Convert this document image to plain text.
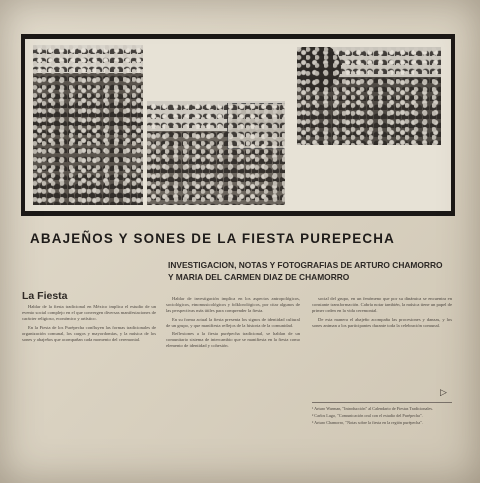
ABAJEÑOS Y SONES DE LA FIESTA PUREPECHA
INVESTIGACION, NOTAS Y FOTOGRAFIAS DE ARTURO CHAMORRO
Y MARIA DEL CARMEN DIAZ DE CHAMORRO
La Fiesta

Hablar de la fiesta tradicional en México implica el estudio de un evento social complejo en el que convergen diversas manifestaciones de carácter religioso, económico y artístico.

En la Fiesta de los Purépecha confluyen las formas tradicionales de organización comunal, los cargos y mayordomías, y la música de los sones y abajeños que acompañan cada momento del ceremonial.

Hablar de investigación implica en los aspectos antropológicos, sociológicos, etnomusicológicos y folklorológicos, por citar algunos de las perspectivas más útiles para comprender la fiesta.

En su forma actual la fiesta presenta los signos de identidad cultural de un grupo, y que manifiesta reflejos de la historia de la comunidad.

Reflexiones a la fiesta purépecha tradicional, se hablan de un comunitario sistema de intercambio que se manifiesta en la fiesta como elemento de identidad y cohesión.

social del grupo, en un fenómeno que por su dinámica se encuentra en constante transformación. Cabría notar también, la música tiene un papel de primer orden en la vida ceremonial.

De esta manera el abajeño acompaña las procesiones y danzas, y los sones animan a los participantes durante toda la celebración comunal.

▷

¹ Arturo Warman, "Introducción" al Calendario de Fiestas Tradicionales.

² Carlos Lugo, "Comunicación oral con el estudio del Purépecha".

³ Arturo Chamorro, "Notas sobre la fiesta en la región purépecha".
